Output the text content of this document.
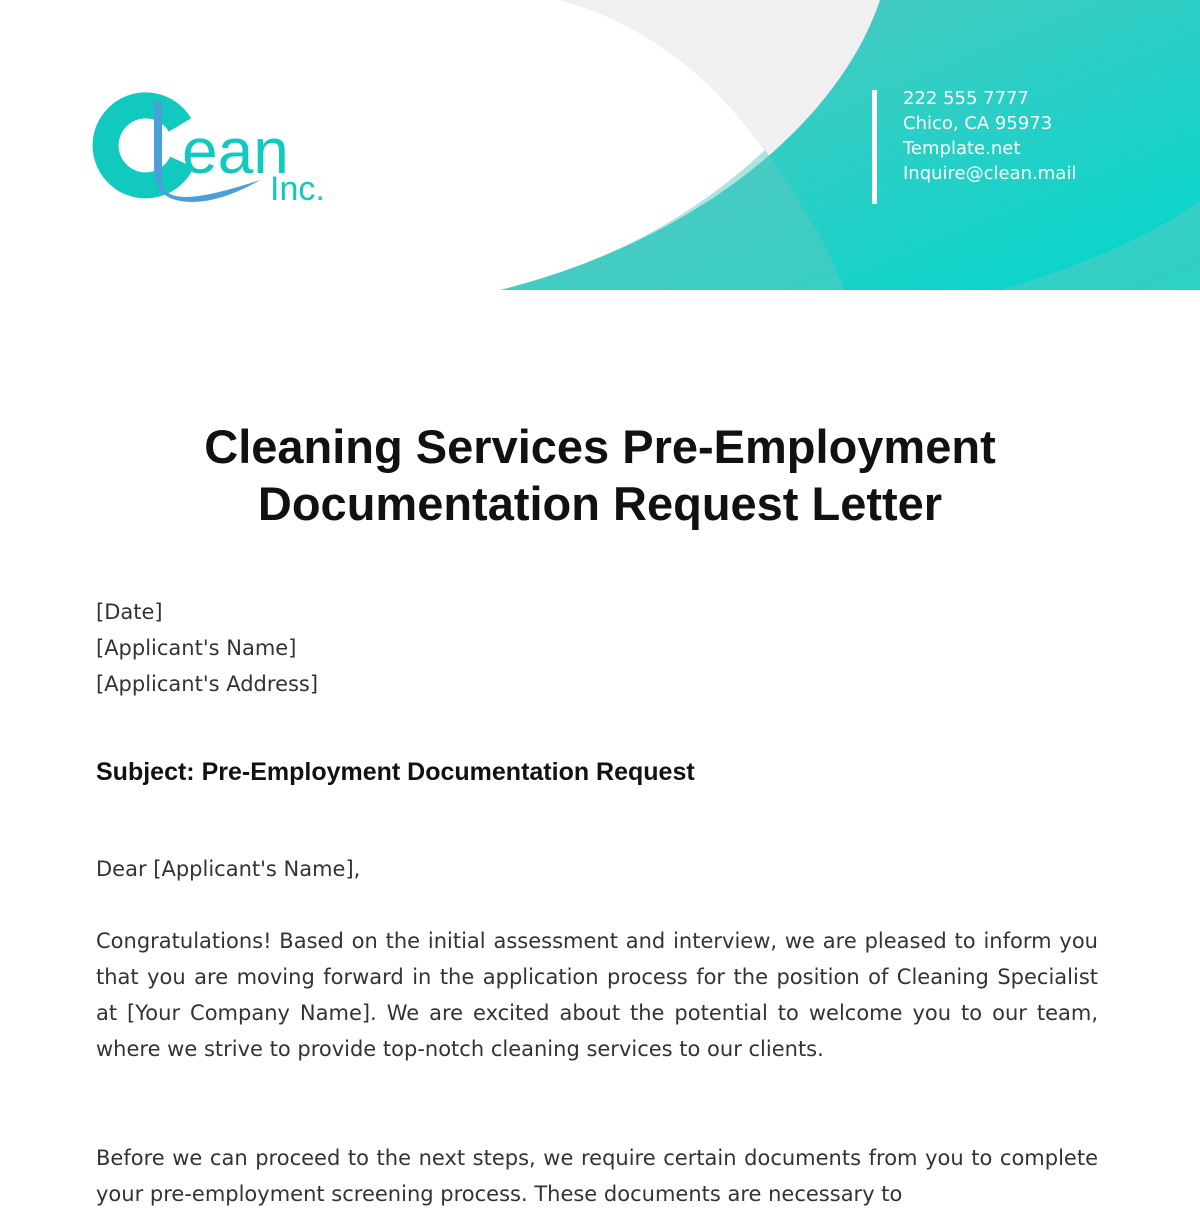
ean
Inc.
222 555 7777
Chico, CA 95973
Template.net
Inquire@clean.mail
Cleaning Services Pre-Employment
Documentation Request Letter
[Date]
[Applicant's Name]
[Applicant's Address]
Subject: Pre-Employment Documentation Request
Dear [Applicant's Name],
Congratulations! Based on the initial assessment and interview, we are pleased to inform you that you are moving forward in the application process for the position of Cleaning Specialist at [Your Company Name]. We are excited about the potential to welcome you to our team, where we strive to provide top-notch cleaning services to our clients.
Before we can proceed to the next steps, we require certain documents from you to complete your pre-employment screening process. These documents are necessary to
